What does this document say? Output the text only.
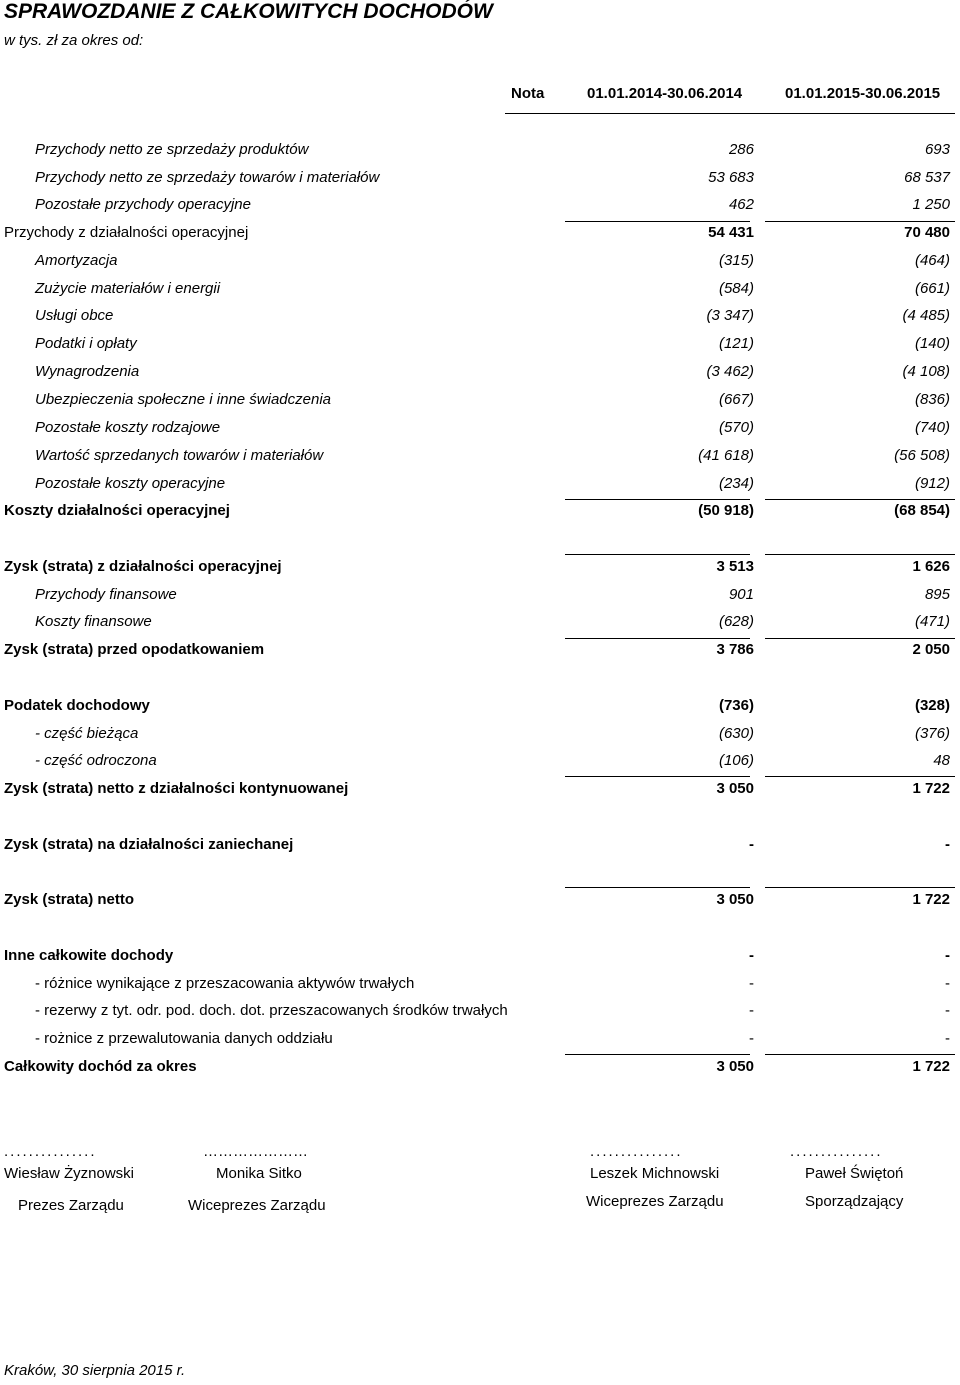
SPRAWOZDANIE Z CAŁKOWITYCH DOCHODÓW
w tys. zł za okres od:
Nota	01.01.2014-30.06.2014	01.01.2015-30.06.2015
Przychody netto ze sprzedaży produktów	286	693
Przychody netto ze sprzedaży towarów i materiałów	53 683	68 537
Pozostałe przychody operacyjne	462	1 250
Przychody z działalności operacyjnej	54 431	70 480
Amortyzacja	(315)	(464)
Zużycie materiałów i energii	(584)	(661)
Usługi obce	(3 347)	(4 485)
Podatki i opłaty	(121)	(140)
Wynagrodzenia	(3 462)	(4 108)
Ubezpieczenia społeczne i inne świadczenia	(667)	(836)
Pozostałe koszty rodzajowe	(570)	(740)
Wartość sprzedanych towarów i materiałów	(41 618)	(56 508)
Pozostałe koszty operacyjne	(234)	(912)
Koszty działalności operacyjnej	(50 918)	(68 854)
Zysk (strata) z działalności operacyjnej	3 513	1 626
Przychody finansowe	901	895
Koszty finansowe	(628)	(471)
Zysk (strata) przed opodatkowaniem	3 786	2 050
Podatek dochodowy	(736)	(328)
- część bieżąca	(630)	(376)
- część odroczona	(106)	48
Zysk (strata) netto z działalności kontynuowanej	3 050	1 722
Zysk (strata) na działalności zaniechanej	-	-
Zysk (strata) netto	3 050	1 722
Inne całkowite dochody	-	-
- różnice wynikające z przeszacowania aktywów trwałych	-	-
- rezerwy z tyt. odr. pod. doch. dot. przeszacowanych środków trwałych	-	-
- rożnice z przewalutowania danych oddziału	-	-
Całkowity dochód za okres	3 050	1 722
...............
Wiesław Żyznowski
Prezes Zarządu
…………………
Monika Sitko
Wiceprezes Zarządu
...............
Leszek Michnowski
Wiceprezes Zarządu
...............
Paweł Świętoń
Sporządzający
Kraków, 30 sierpnia 2015 r.
